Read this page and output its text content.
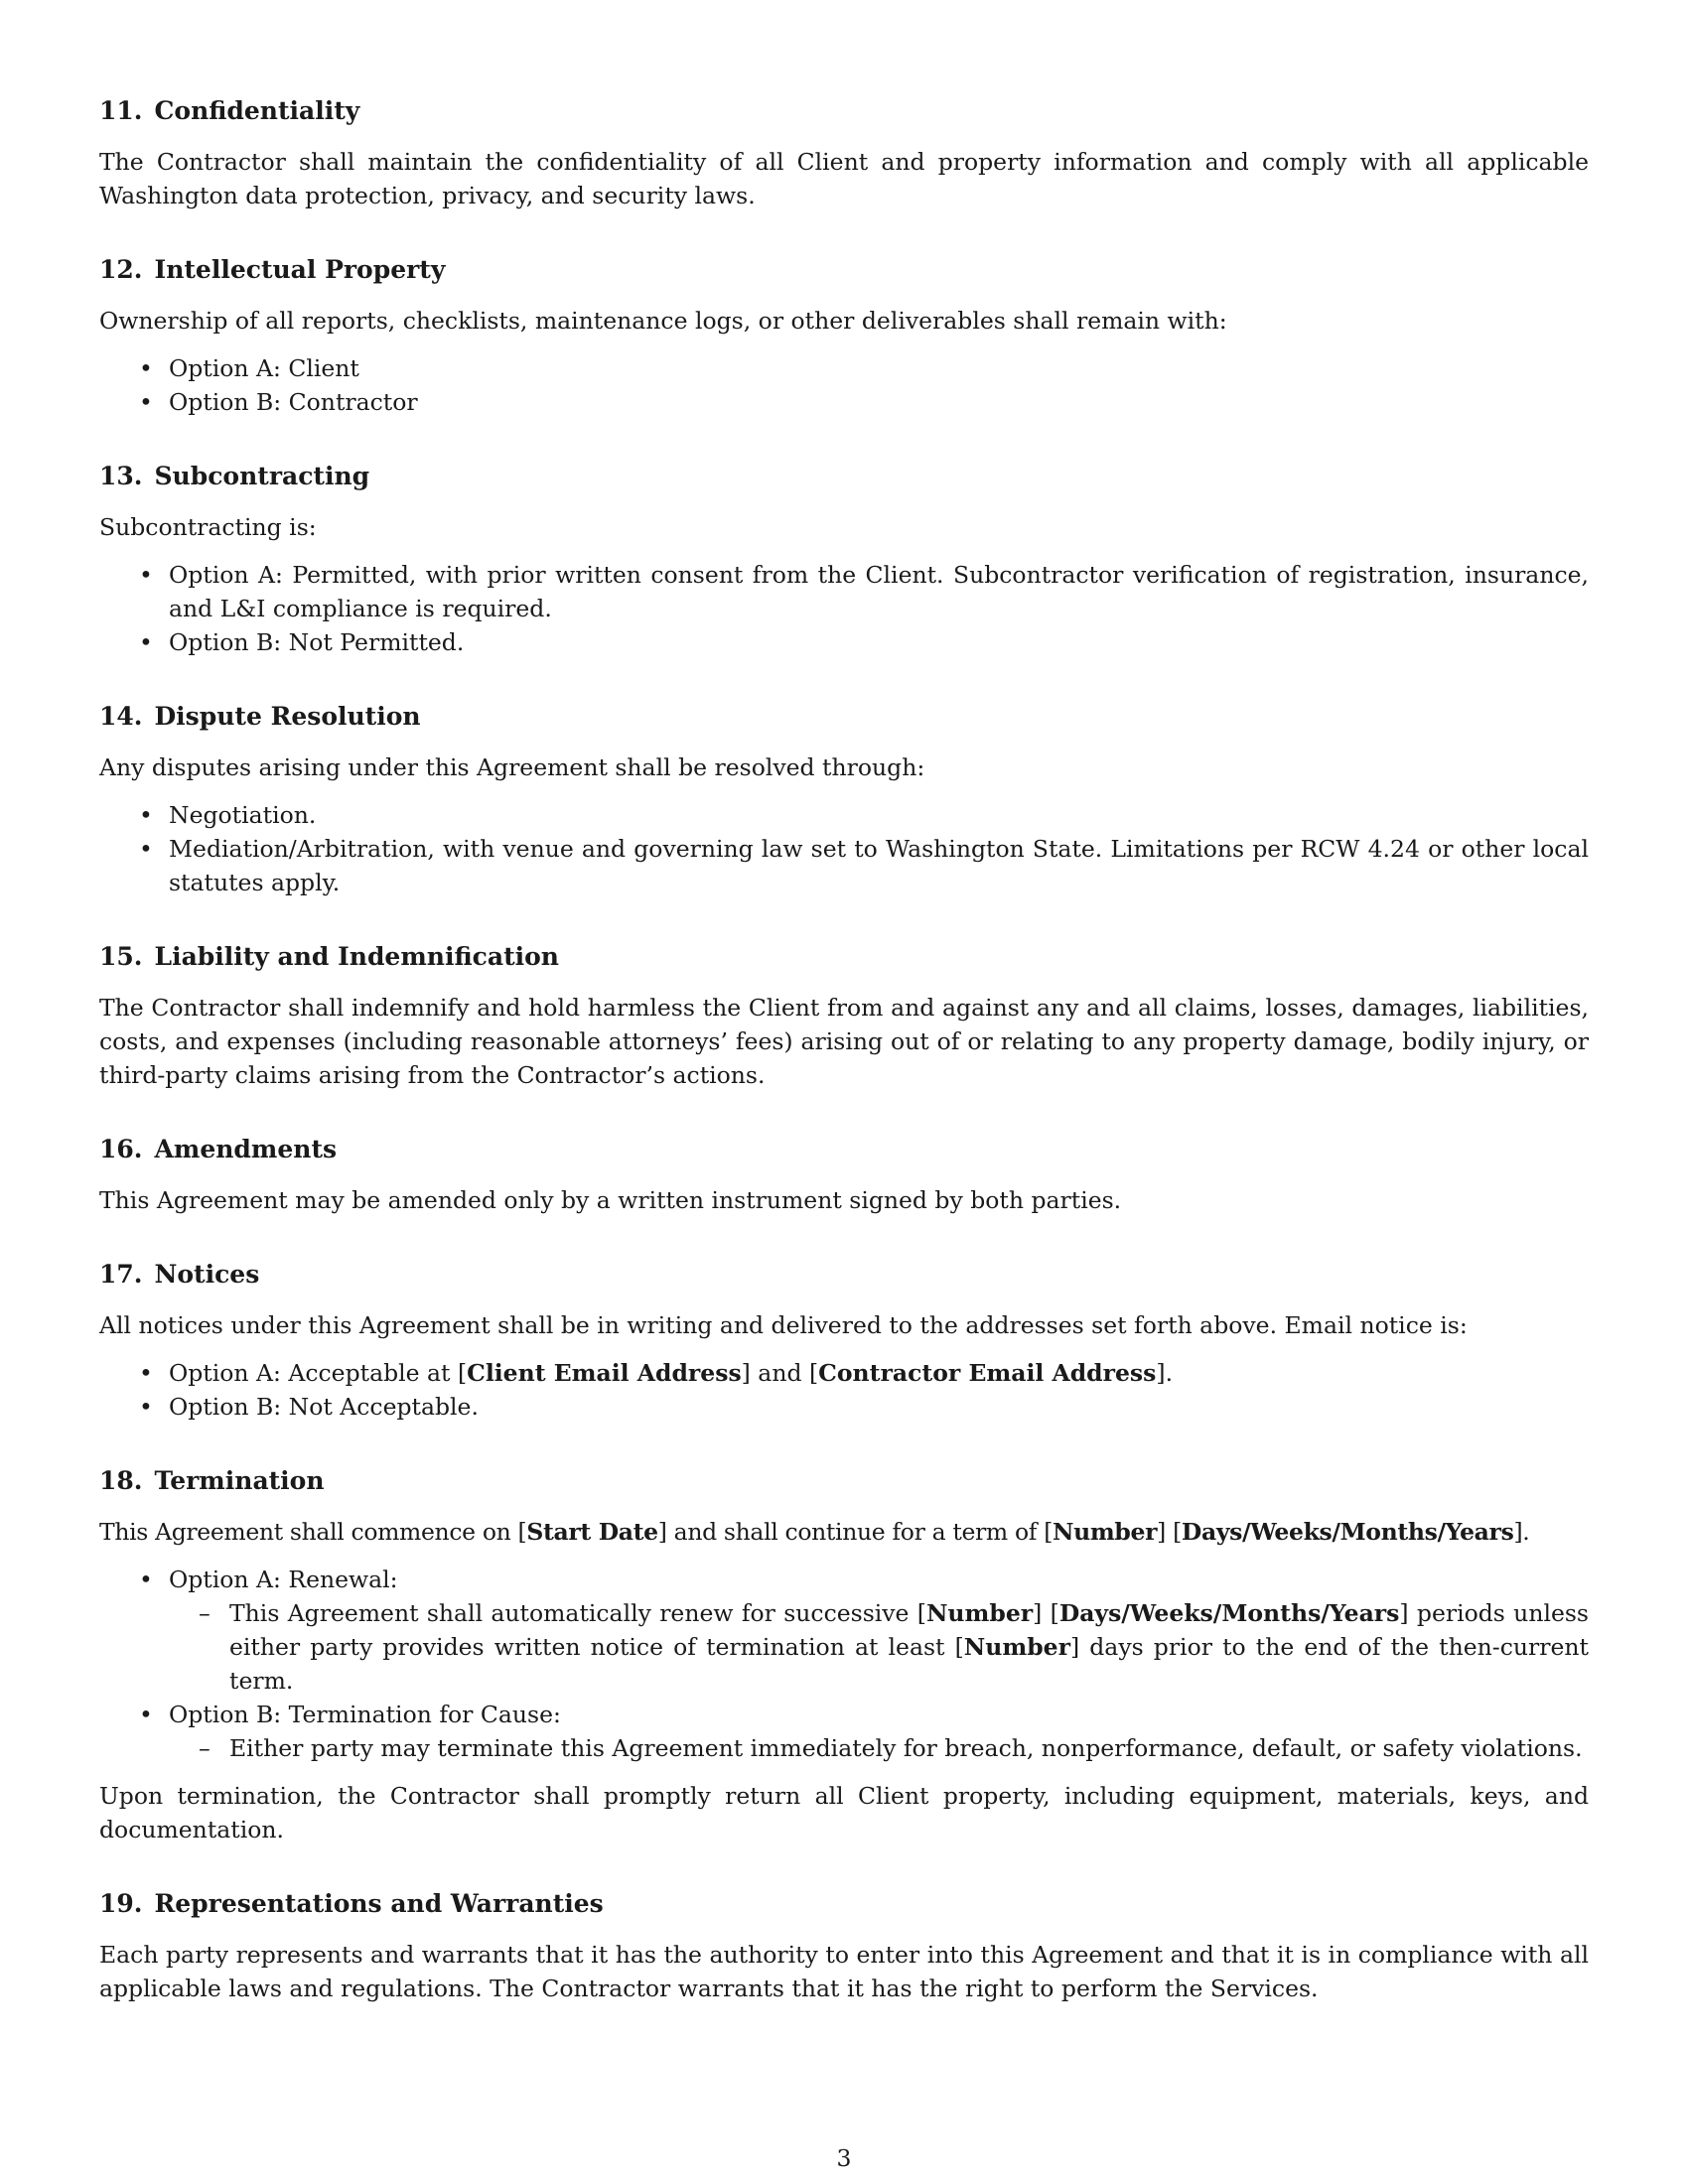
11. Confidentiality

The Contractor shall maintain the confidentiality of all Client and property information and comply with all applicable Washington data protection, privacy, and security laws.

12. Intellectual Property

Ownership of all reports, checklists, maintenance logs, or other deliverables shall remain with:

• Option A: Client
• Option B: Contractor
13. Subcontracting

Subcontracting is:

• Option A: Permitted, with prior written consent from the Client. Subcontractor verification of registration, insurance, and L&I compliance is required.
• Option B: Not Permitted.
14. Dispute Resolution

Any disputes arising under this Agreement shall be resolved through:

• Negotiation.
• Mediation/Arbitration, with venue and governing law set to Washington State. Limitations per RCW 4.24 or other local statutes apply.
15. Liability and Indemnification

The Contractor shall indemnify and hold harmless the Client from and against any and all claims, losses, damages, liabilities, costs, and expenses (including reasonable attorneys’ fees) arising out of or relating to any property damage, bodily injury, or third-party claims arising from the Contractor’s actions.

16. Amendments

This Agreement may be amended only by a written instrument signed by both parties.

17. Notices

All notices under this Agreement shall be in writing and delivered to the addresses set forth above. Email notice is:

• Option A: Acceptable at [Client Email Address] and [Contractor Email Address].
• Option B: Not Acceptable.
18. Termination

This Agreement shall commence on [Start Date] and shall continue for a term of [Number] [Days/Weeks/Months/Years].

• Option A: Renewal:
– This Agreement shall automatically renew for successive [Number] [Days/Weeks/Months/Years] periods unless either party provides written notice of termination at least [Number] days prior to the end of the then-current term.
• Option B: Termination for Cause:
– Either party may terminate this Agreement immediately for breach, nonperformance, default, or safety violations.

Upon termination, the Contractor shall promptly return all Client property, including equipment, materials, keys, and documentation.

19. Representations and Warranties

Each party represents and warrants that it has the authority to enter into this Agreement and that it is in compliance with all applicable laws and regulations. The Contractor warrants that it has the right to perform the Services.

3
